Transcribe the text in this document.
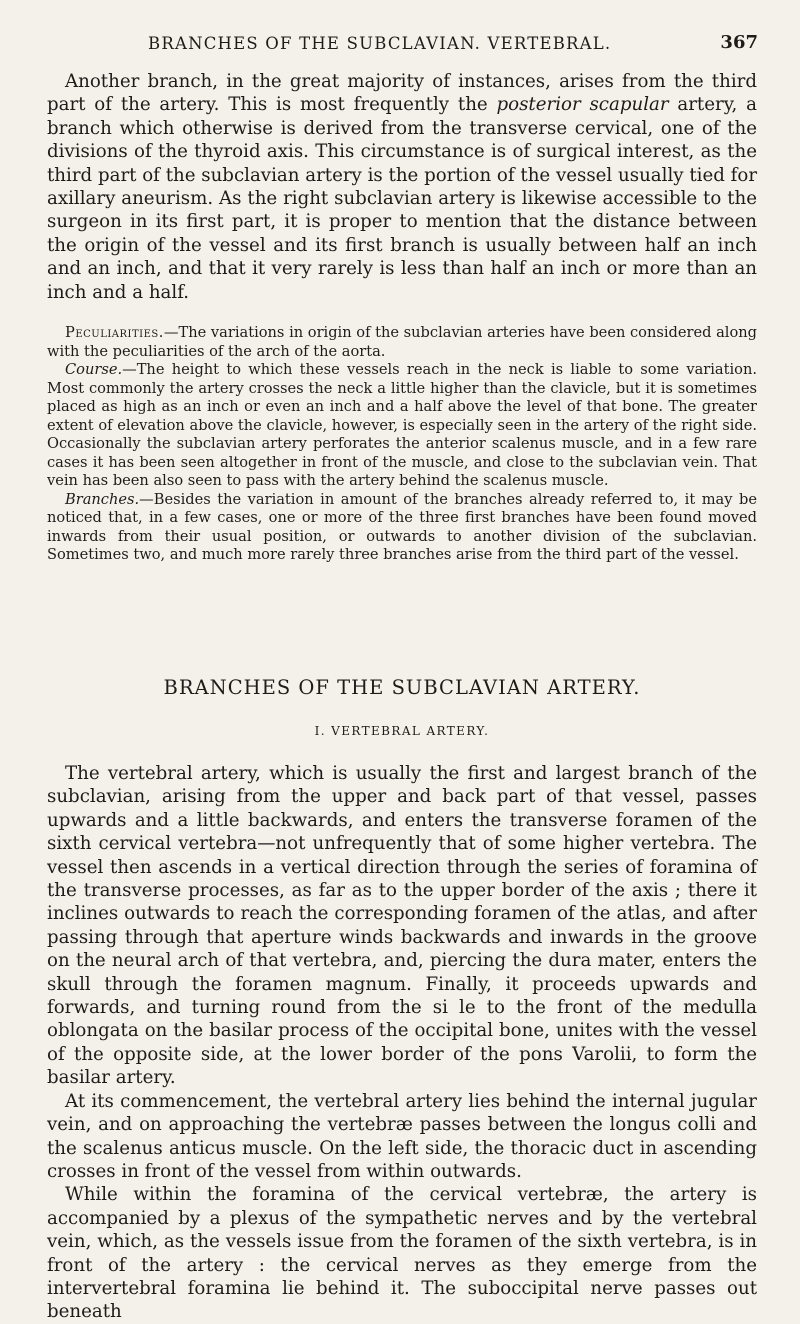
BRANCHES OF THE SUBCLAVIAN. VERTEBRAL.	367

Another branch, in the great majority of instances, arises from the third part of the artery. This is most frequently the posterior scapular artery, a branch which otherwise is derived from the transverse cervical, one of the divisions of the thyroid axis. This circumstance is of surgical interest, as the third part of the subclavian artery is the portion of the vessel usually tied for axillary aneurism. As the right subclavian artery is likewise accessible to the surgeon in its first part, it is proper to mention that the distance between the origin of the vessel and its first branch is usually between half an inch and an inch, and that it very rarely is less than half an inch or more than an inch and a half.

Peculiarities.—The variations in origin of the subclavian arteries have been considered along with the peculiarities of the arch of the aorta.

Course.—The height to which these vessels reach in the neck is liable to some variation. Most commonly the artery crosses the neck a little higher than the clavicle, but it is sometimes placed as high as an inch or even an inch and a half above the level of that bone. The greater extent of elevation above the clavicle, however, is especially seen in the artery of the right side. Occasionally the subclavian artery perforates the anterior scalenus muscle, and in a few rare cases it has been seen altogether in front of the muscle, and close to the subclavian vein. That vein has been also seen to pass with the artery behind the scalenus muscle.

Branches.—Besides the variation in amount of the branches already referred to, it may be noticed that, in a few cases, one or more of the three first branches have been found moved inwards from their usual position, or outwards to another division of the subclavian. Sometimes two, and much more rarely three branches arise from the third part of the vessel.

BRANCHES OF THE SUBCLAVIAN ARTERY.
I. VERTEBRAL ARTERY.

The vertebral artery, which is usually the first and largest branch of the subclavian, arising from the upper and back part of that vessel, passes upwards and a little backwards, and enters the transverse foramen of the sixth cervical vertebra—not unfrequently that of some higher vertebra. The vessel then ascends in a vertical direction through the series of foramina of the transverse processes, as far as to the upper border of the axis ; there it inclines outwards to reach the corresponding foramen of the atlas, and after passing through that aperture winds backwards and inwards in the groove on the neural arch of that vertebra, and, piercing the dura mater, enters the skull through the foramen magnum. Finally, it proceeds upwards and forwards, and turning round from the si le to the front of the medulla oblongata on the basilar process of the occipital bone, unites with the vessel of the opposite side, at the lower border of the pons Varolii, to form the basilar artery.

At its commencement, the vertebral artery lies behind the internal jugular vein, and on approaching the vertebræ passes between the longus colli and the scalenus anticus muscle. On the left side, the thoracic duct in ascending crosses in front of the vessel from within outwards.

While within the foramina of the cervical vertebræ, the artery is accompanied by a plexus of the sympathetic nerves and by the vertebral vein, which, as the vessels issue from the foramen of the sixth vertebra, is in front of the artery : the cervical nerves as they emerge from the intervertebral foramina lie behind it. The suboccipital nerve passes out beneath
